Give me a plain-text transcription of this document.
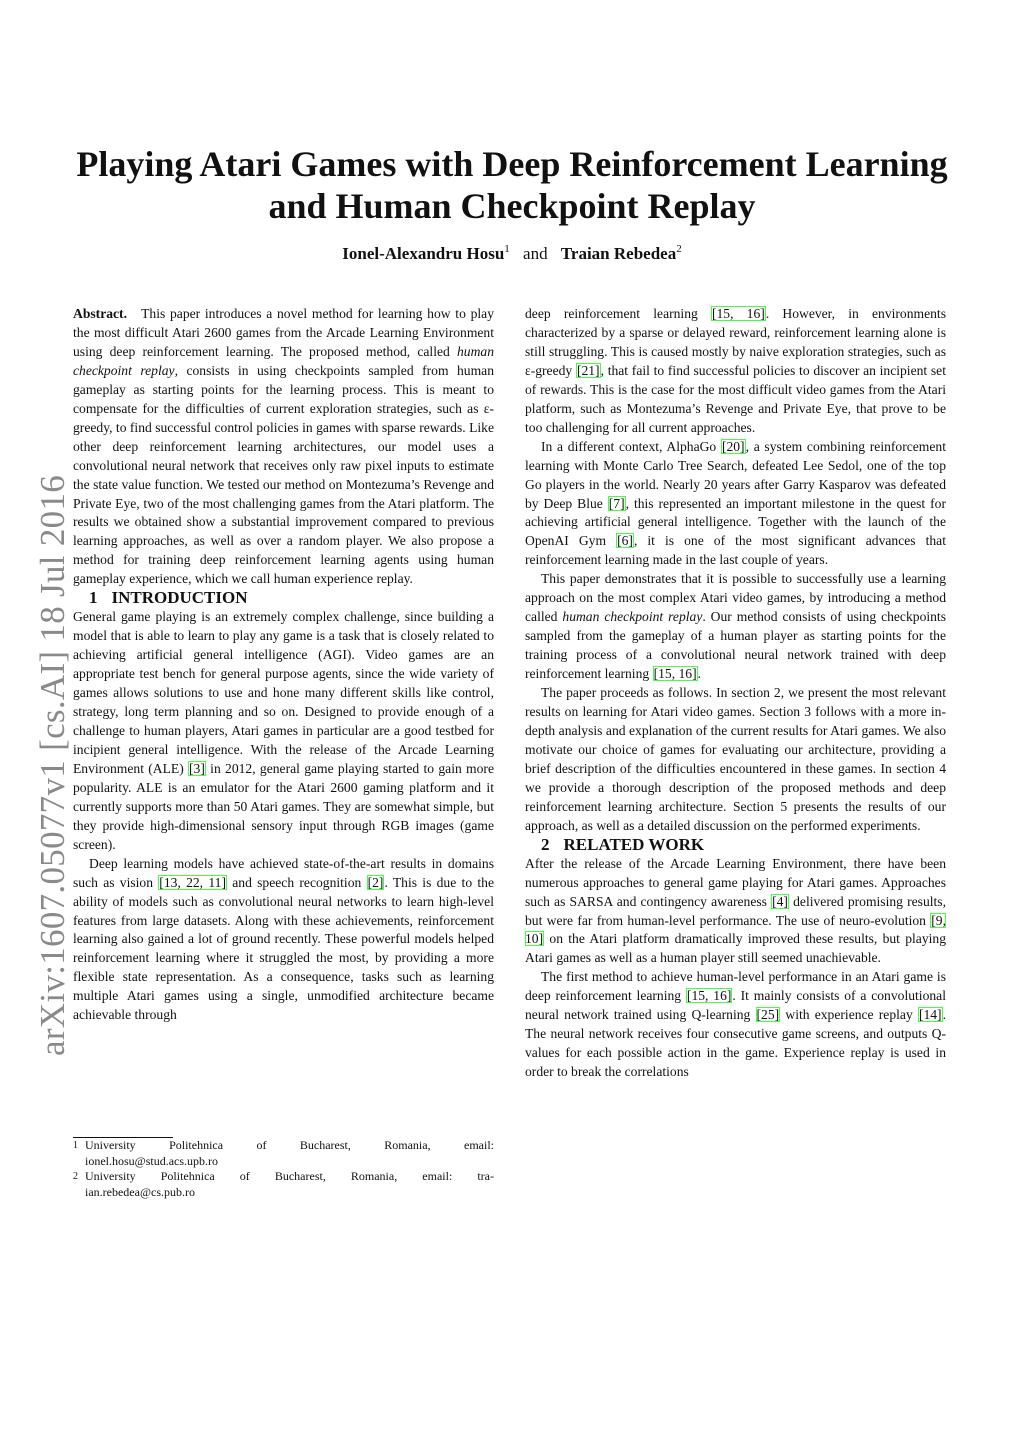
arXiv:1607.05077v1 [cs.AI] 18 Jul 2016
Playing Atari Games with Deep Reinforcement Learning
and Human Checkpoint Replay
Ionel-Alexandru Hosu$^1$ and Traian Rebedea$^2$

Abstract. This paper introduces a novel method for learning how to play the most difficult Atari 2600 games from the Arcade Learning Environment using deep reinforcement learning. The proposed method, called human checkpoint replay, consists in using checkpoints sampled from human gameplay as starting points for the learning process. This is meant to compensate for the difficulties of current exploration strategies, such as ε-greedy, to find successful control policies in games with sparse rewards. Like other deep reinforcement learning architectures, our model uses a convolutional neural network that receives only raw pixel inputs to estimate the state value function. We tested our method on Montezuma’s Revenge and Private Eye, two of the most challenging games from the Atari platform. The results we obtained show a substantial improvement compared to previous learning approaches, as well as over a random player. We also propose a method for training deep reinforcement learning agents using human gameplay experience, which we call human experience replay.

1 INTRODUCTION

General game playing is an extremely complex challenge, since building a model that is able to learn to play any game is a task that is closely related to achieving artificial general intelligence (AGI). Video games are an appropriate test bench for general purpose agents, since the wide variety of games allows solutions to use and hone many different skills like control, strategy, long term planning and so on. Designed to provide enough of a challenge to human players, Atari games in particular are a good testbed for incipient general intelligence. With the release of the Arcade Learning Environment (ALE) [3] in 2012, general game playing started to gain more popularity. ALE is an emulator for the Atari 2600 gaming platform and it currently supports more than 50 Atari games. They are somewhat simple, but they provide high-dimensional sensory input through RGB images (game screen).

Deep learning models have achieved state-of-the-art results in domains such as vision [13, 22, 11] and speech recognition [2]. This is due to the ability of models such as convolutional neural networks to learn high-level features from large datasets. Along with these achievements, reinforcement learning also gained a lot of ground recently. These powerful models helped reinforcement learning where it struggled the most, by providing a more flexible state representation. As a consequence, tasks such as learning multiple Atari games using a single, unmodified architecture became achievable through

1 University Politehnica of Bucharest, Romania, email:
ionel.hosu@stud.acs.upb.ro
2 University Politehnica of Bucharest, Romania, email: tra-
ian.rebedea@cs.pub.ro

deep reinforcement learning [15, 16]. However, in environments characterized by a sparse or delayed reward, reinforcement learning alone is still struggling. This is caused mostly by naive exploration strategies, such as ε-greedy [21], that fail to find successful policies to discover an incipient set of rewards. This is the case for the most difficult video games from the Atari platform, such as Montezuma’s Revenge and Private Eye, that prove to be too challenging for all current approaches.

In a different context, AlphaGo [20], a system combining reinforcement learning with Monte Carlo Tree Search, defeated Lee Sedol, one of the top Go players in the world. Nearly 20 years after Garry Kasparov was defeated by Deep Blue [7], this represented an important milestone in the quest for achieving artificial general intelligence. Together with the launch of the OpenAI Gym [6], it is one of the most significant advances that reinforcement learning made in the last couple of years.

This paper demonstrates that it is possible to successfully use a learning approach on the most complex Atari video games, by introducing a method called human checkpoint replay. Our method consists of using checkpoints sampled from the gameplay of a human player as starting points for the training process of a convolutional neural network trained with deep reinforcement learning [15, 16].

The paper proceeds as follows. In section 2, we present the most relevant results on learning for Atari video games. Section 3 follows with a more in-depth analysis and explanation of the current results for Atari games. We also motivate our choice of games for evaluating our architecture, providing a brief description of the difficulties encountered in these games. In section 4 we provide a thorough description of the proposed methods and deep reinforcement learning architecture. Section 5 presents the results of our approach, as well as a detailed discussion on the performed experiments.

2 RELATED WORK

After the release of the Arcade Learning Environment, there have been numerous approaches to general game playing for Atari games. Approaches such as SARSA and contingency awareness [4] delivered promising results, but were far from human-level performance. The use of neuro-evolution [9, 10] on the Atari platform dramatically improved these results, but playing Atari games as well as a human player still seemed unachievable.

The first method to achieve human-level performance in an Atari game is deep reinforcement learning [15, 16]. It mainly consists of a convolutional neural network trained using Q-learning [25] with experience replay [14]. The neural network receives four consecutive game screens, and outputs Q-values for each possible action in the game. Experience replay is used in order to break the correlations
